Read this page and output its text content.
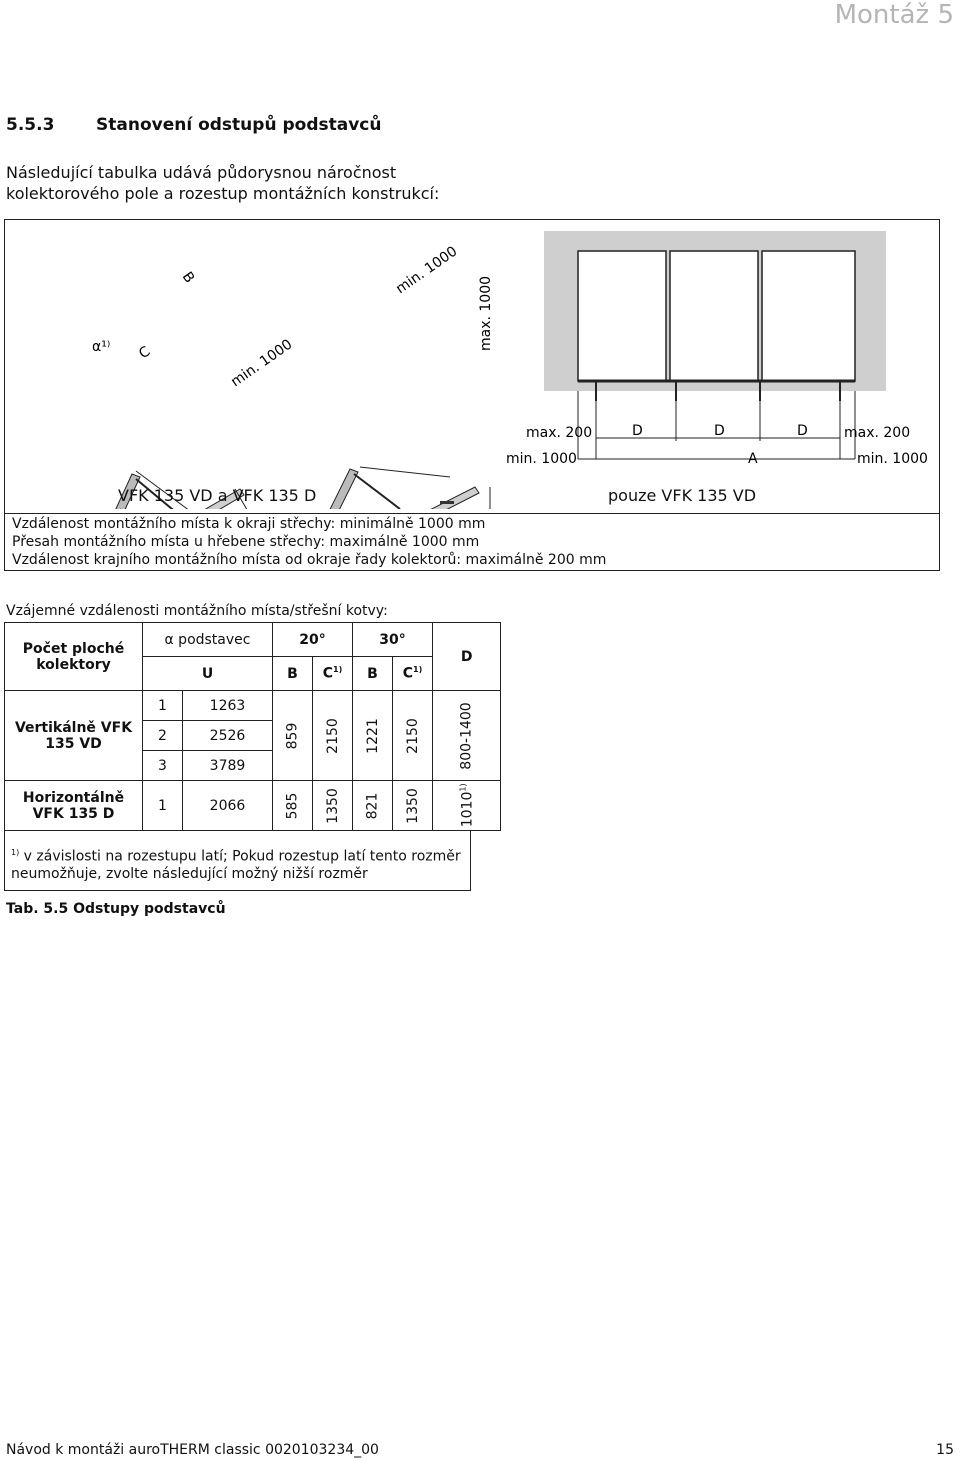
Montáž 5
5.5.3 Stanovení odstupů podstavců
Následující tabulka udává půdorysnou náročnost kolektorového pole a rozestup montážních konstrukcí:
α¹⁾ C
B
min. 1000
min. 1000
max. 1000
max. 200	D	D	D	max. 200
min. 1000	A	min. 1000
VFK 135 VD a VFK 135 D	pouze VFK 135 VD
Vzdálenost montážního místa k okraji střechy: minimálně 1000 mm
Přesah montážního místa u hřebene střechy: maximálně 1000 mm
Vzdálenost krajního montážního místa od okraje řady kolektorů: maximálně 200 mm
Vzájemné vzdálenosti montážního místa/střešní kotvy:
Počet ploché kolektory	α podstavec		20°		30°		D
	U		B	$C^{1)}$	B	$C^{1)}$
Vertikálně VFK 135 VD	1	1263	859	2150	1221	2150	800-1400
	2	2526					
	3	3789					
Horizontálně VFK 135 D	1	2066	585	1350	821	1350	1010$^{1)}$
$^{1)}$ v závislosti na rozestupu latí; Pokud rozestup latí tento rozměr neumožňuje, zvolte následující možný nižší rozměr
Tab. 5.5 Odstupy podstavců
Návod k montáži auroTHERM classic 0020103234_00	15
